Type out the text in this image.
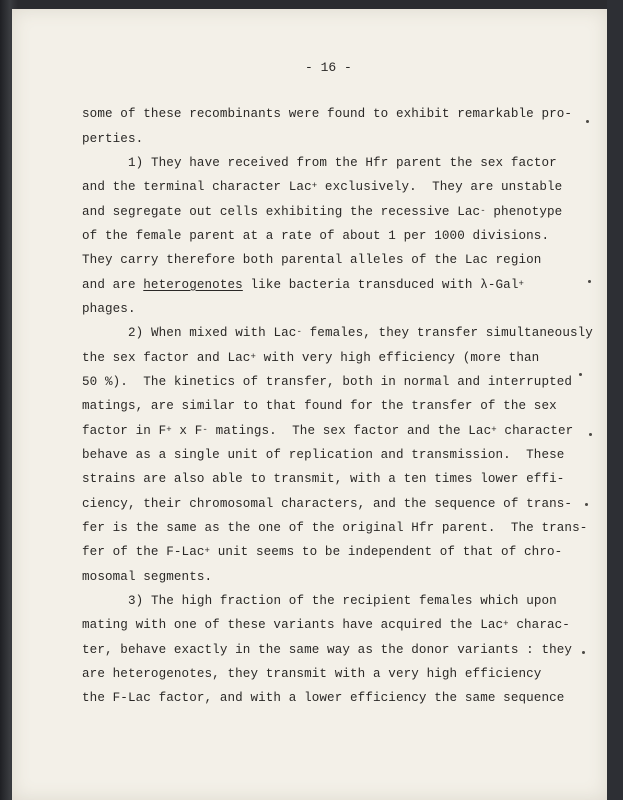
- 16 -
some of these recombinants were found to exhibit remarkable pro-
perties.
1) They have received from the Hfr parent the sex factor
and the terminal character Lac+ exclusively.  They are unstable
and segregate out cells exhibiting the recessive Lac- phenotype
of the female parent at a rate of about 1 per 1000 divisions.
They carry therefore both parental alleles of the Lac region
and are heterogenotes like bacteria transduced with λ-Gal+
phages.
2) When mixed with Lac- females, they transfer simultaneously
the sex factor and Lac+ with very high efficiency (more than
50 %).  The kinetics of transfer, both in normal and interrupted
matings, are similar to that found for the transfer of the sex
factor in F+ x F- matings.  The sex factor and the Lac+ character
behave as a single unit of replication and transmission.  These
strains are also able to transmit, with a ten times lower effi-
ciency, their chromosomal characters, and the sequence of trans-
fer is the same as the one of the original Hfr parent.  The trans-
fer of the F-Lac+ unit seems to be independent of that of chro-
mosomal segments.
3) The high fraction of the recipient females which upon
mating with one of these variants have acquired the Lac+ charac-
ter, behave exactly in the same way as the donor variants : they
are heterogenotes, they transmit with a very high efficiency
the F-Lac factor, and with a lower efficiency the same sequence
